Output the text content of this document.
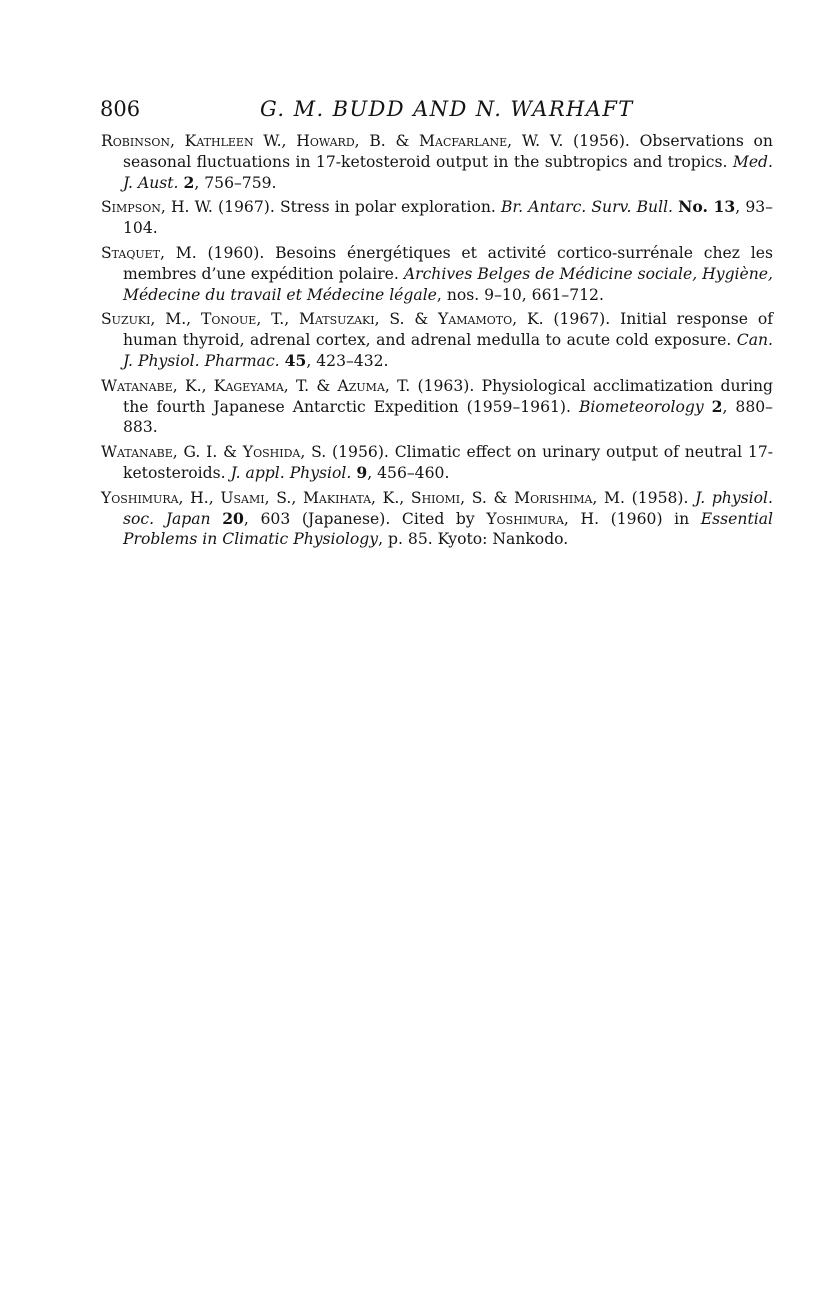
806	G. M. BUDD AND N. WARHAFT

Robinson, Kathleen W., Howard, B. & Macfarlane, W. V. (1956). Observations on seasonal fluctuations in 17-ketosteroid output in the subtropics and tropics. Med. J. Aust. 2, 756–759.

Simpson, H. W. (1967). Stress in polar exploration. Br. Antarc. Surv. Bull. No. 13, 93–104.

Staquet, M. (1960). Besoins énergétiques et activité cortico-surrénale chez les membres d’une expédition polaire. Archives Belges de Médicine sociale, Hygiène, Médecine du travail et Médecine légale, nos. 9–10, 661–712.

Suzuki, M., Tonoue, T., Matsuzaki, S. & Yamamoto, K. (1967). Initial response of human thyroid, adrenal cortex, and adrenal medulla to acute cold exposure. Can. J. Physiol. Pharmac. 45, 423–432.

Watanabe, K., Kageyama, T. & Azuma, T. (1963). Physiological acclimatization during the fourth Japanese Antarctic Expedition (1959–1961). Biometeorology 2, 880–883.

Watanabe, G. I. & Yoshida, S. (1956). Climatic effect on urinary output of neutral 17-ketosteroids. J. appl. Physiol. 9, 456–460.

Yoshimura, H., Usami, S., Makihata, K., Shiomi, S. & Morishima, M. (1958). J. physiol. soc. Japan 20, 603 (Japanese). Cited by Yoshimura, H. (1960) in Essential Problems in Climatic Physiology, p. 85. Kyoto: Nankodo.
